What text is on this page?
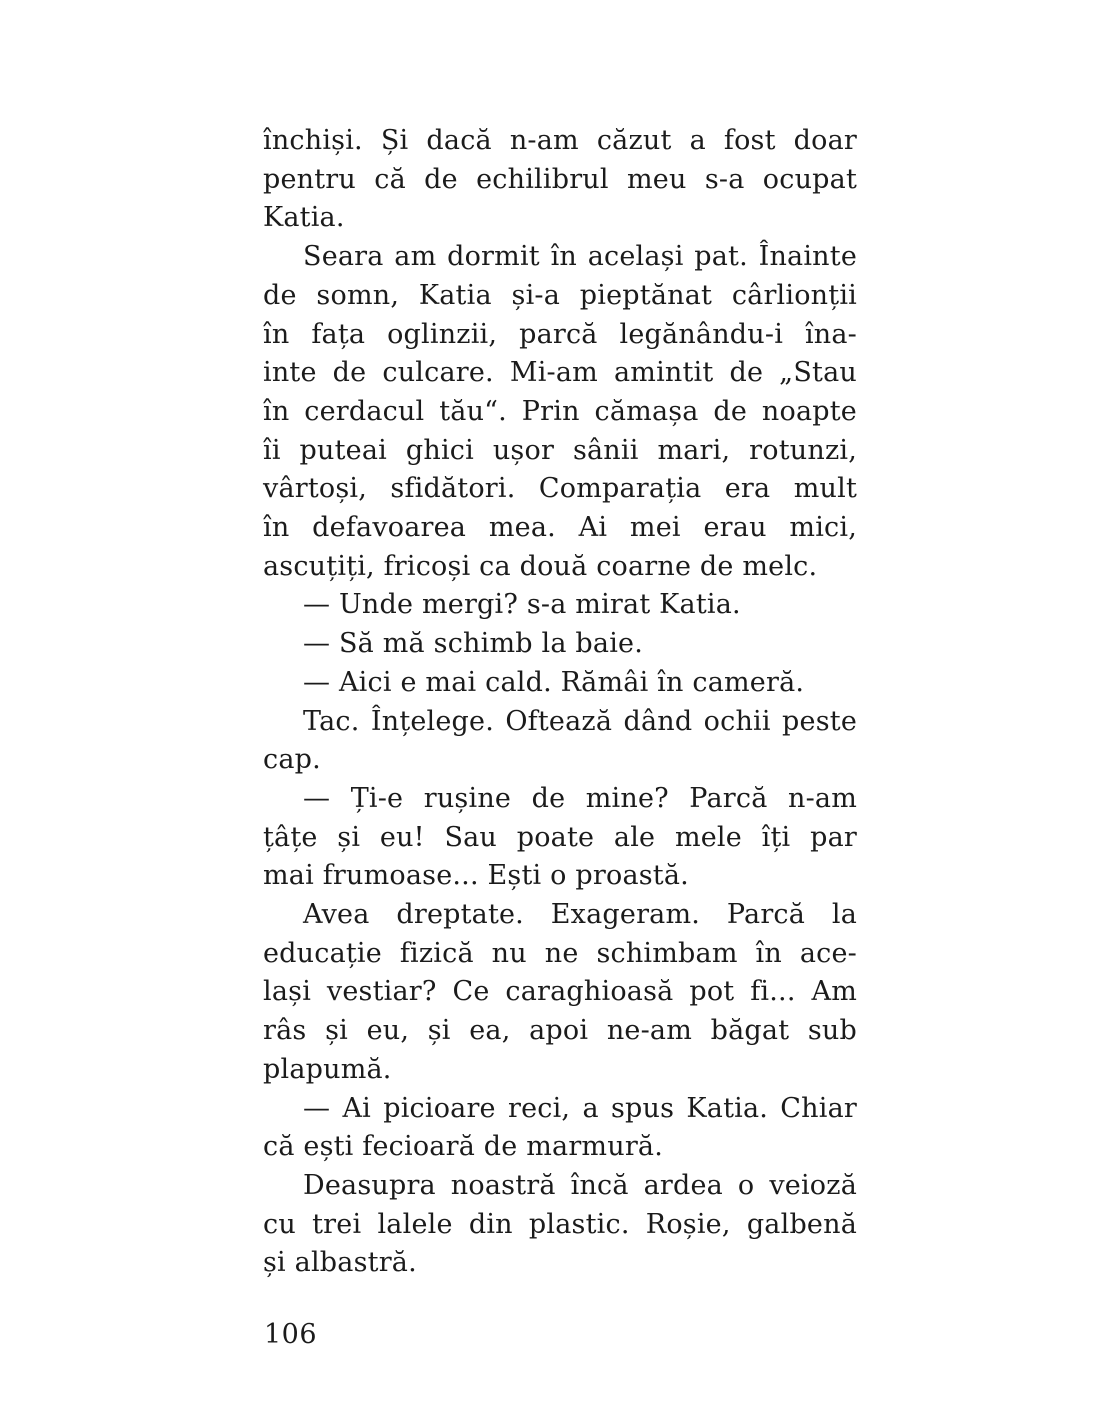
închiși. Și dacă n-am căzut a fost doar
pentru că de echilibrul meu s-a ocupat
Katia.
Seara am dormit în același pat. Înainte
de somn, Katia și-a pieptănat cârlionții
în fața oglinzii, parcă legănându-i îna-
inte de culcare. Mi-am amintit de „Stau
în cerdacul tău“. Prin cămașa de noapte
îi puteai ghici ușor sânii mari, rotunzi,
vârtoși, sfidători. Comparația era mult
în defavoarea mea. Ai mei erau mici,
ascuțiți, fricoși ca două coarne de melc.
— Unde mergi? s-a mirat Katia.
— Să mă schimb la baie.
— Aici e mai cald. Rămâi în cameră.
Tac. Înțelege. Oftează dând ochii peste
cap.
— Ți-e rușine de mine? Parcă n-am
țâțe și eu! Sau poate ale mele îți par
mai frumoase... Ești o proastă.
Avea dreptate. Exageram. Parcă la
educație fizică nu ne schimbam în ace-
lași vestiar? Ce caraghioasă pot fi... Am
râs și eu, și ea, apoi ne-am băgat sub
plapumă.
— Ai picioare reci, a spus Katia. Chiar
că ești fecioară de marmură.
Deasupra noastră încă ardea o veioză
cu trei lalele din plastic. Roșie, galbenă
și albastră.
106
